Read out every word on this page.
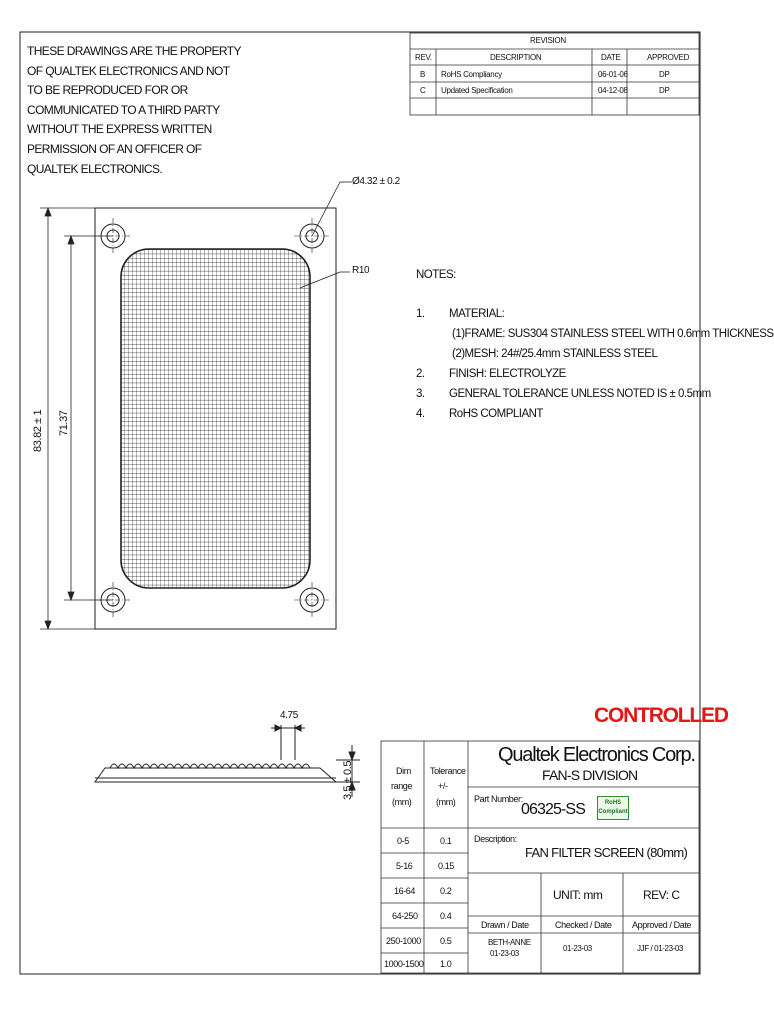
THESE DRAWINGS ARE THE PROPERTY OF QUALTEK ELECTRONICS AND NOT TO BE REPRODUCED FOR OR COMMUNICATED TO A THIRD PARTY WITHOUT THE EXPRESS WRITTEN PERMISSION OF AN OFFICER OF QUALTEK ELECTRONICS.
REVISION
REV.	DESCRIPTION	DATE	APPROVED
B RoHS Compliancy	06-01-06	DP
C Updated Specification	04-12-08	DP
Ø4.32 ± 0.2
R10
83.82 ± 1 71.37
4.75
3.5 ± 0.5
NOTES:
1. MATERIAL:
(1)FRAME: SUS304 STAINLESS STEEL WITH 0.6mm THICKNESS
(2)MESH: 24#/25.4mm STAINLESS STEEL
2. FINISH: ELECTROLYZE
3. GENERAL TOLERANCE UNLESS NOTED IS ± 0.5mm
4. RoHS COMPLIANT
CONTROLLED
Qualtek Electronics Corp.
FAN-S DIVISION
Part Number:
06325-SS	RoHS
Compliant
Description:
FAN FILTER SCREEN (80mm)
UNIT: mm	REV: C
Drawn / Date	Checked / Date Approved / Date
BETH-ANNE
01-23-03
01-23-03	JJF / 01-23-03
Dim
range
(mm)
Tolerance
+/-
(mm)
0-5	0.1
5-16	0.15
16-64	0.2
64-250 0.4
250-1000 0.5
1000-1500 1.0
